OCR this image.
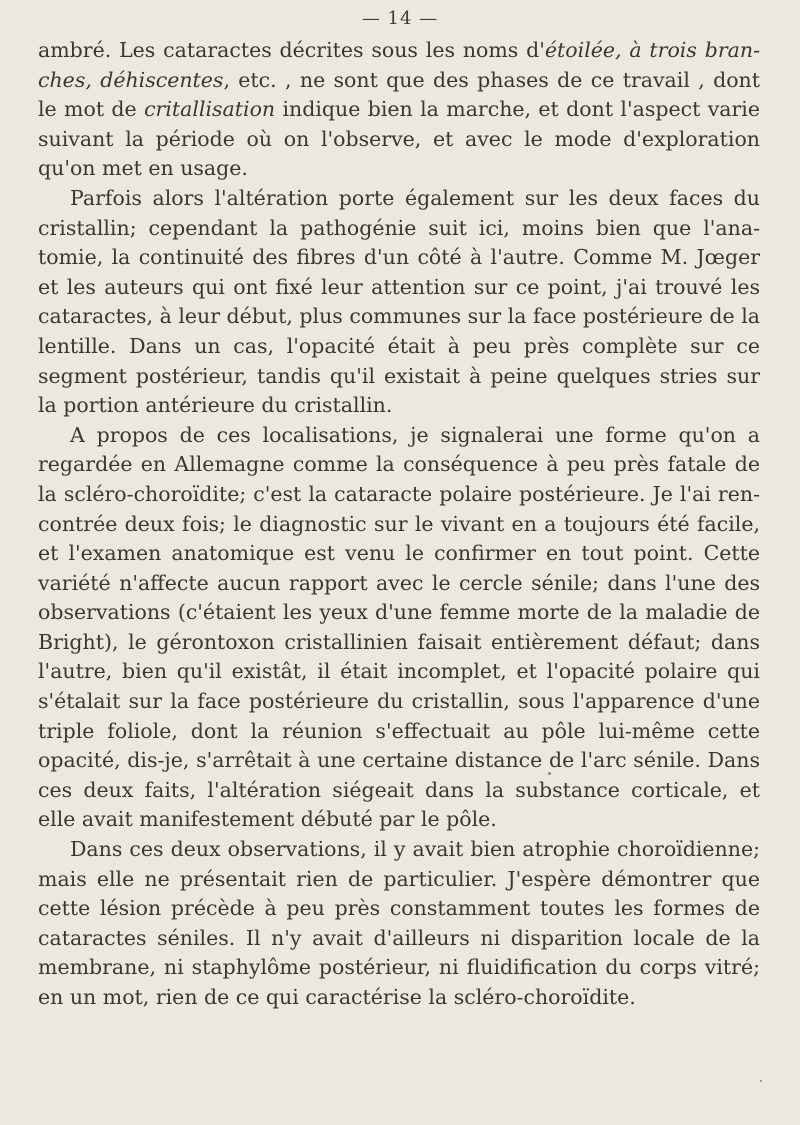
— 14 —

ambré. Les cataractes décrites sous les noms d'étoilée, à trois branches, déhiscentes, etc. , ne sont que des phases de ce travail , dont le mot de critallisation indique bien la marche, et dont l'aspect varie suivant la période où on l'observe, et avec le mode d'exploration qu'on met en usage.

Parfois alors l'altération porte également sur les deux faces du cristallin; cependant la pathogénie suit ici, moins bien que l'anatomie, la continuité des fibres d'un côté à l'autre. Comme M. Jœger et les auteurs qui ont fixé leur attention sur ce point, j'ai trouvé les cataractes, à leur début, plus communes sur la face postérieure de la lentille. Dans un cas, l'opacité était à peu près complète sur ce segment postérieur, tandis qu'il existait à peine quelques stries sur la portion antérieure du cristallin.

A propos de ces localisations, je signalerai une forme qu'on a regardée en Allemagne comme la conséquence à peu près fatale de la scléro-choroïdite; c'est la cataracte polaire postérieure. Je l'ai rencontrée deux fois; le diagnostic sur le vivant en a toujours été facile, et l'examen anatomique est venu le confirmer en tout point. Cette variété n'affecte aucun rapport avec le cercle sénile; dans l'une des observations (c'étaient les yeux d'une femme morte de la maladie de Bright), le gérontoxon cristallinien faisait entièrement défaut; dans l'autre, bien qu'il existât, il était incomplet, et l'opacité polaire qui s'étalait sur la face postérieure du cristallin, sous l'apparence d'une triple foliole, dont la réunion s'effectuait au pôle lui-même cette opacité, dis-je, s'arrêtait à une certaine distance de l'arc sénile. Dans ces deux faits, l'altération siégeait dans la substance corticale, et elle avait manifestement débuté par le pôle.

Dans ces deux observations, il y avait bien atrophie choroïdienne; mais elle ne présentait rien de particulier. J'espère démontrer que cette lésion précède à peu près constamment toutes les formes de cataractes séniles. Il n'y avait d'ailleurs ni disparition locale de la membrane, ni staphylôme postérieur, ni fluidification du corps vitré; en un mot, rien de ce qui caractérise la scléro-choroïdite.
